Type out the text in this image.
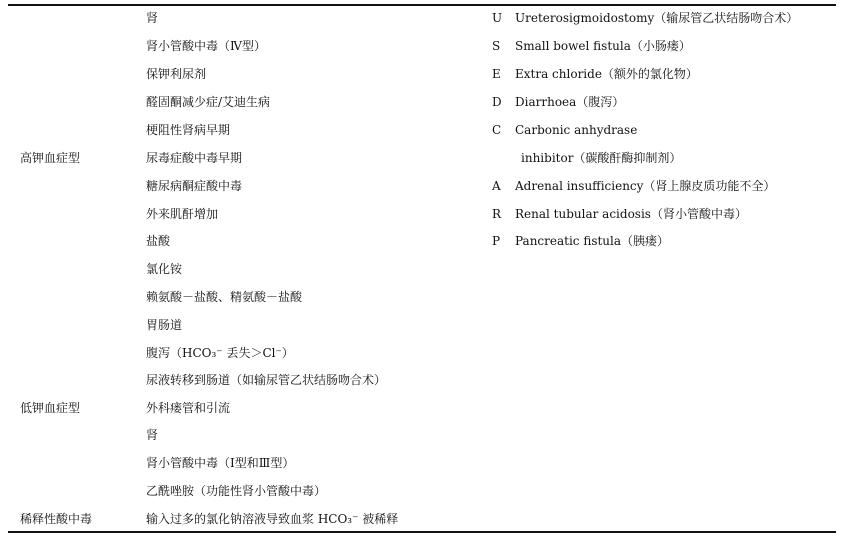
高钾血症型
低钾血症型
稀释性酸中毒
肾
肾小管酸中毒（Ⅳ型）
保钾利尿剂
醛固酮减少症/艾迪生病
梗阻性肾病早期
尿毒症酸中毒早期
糖尿病酮症酸中毒
外来肌酐增加
盐酸
氯化铵
赖氨酸－盐酸、精氨酸－盐酸
胃肠道
腹泻（HCO₃⁻ 丢失＞Cl⁻）
尿液转移到肠道（如输尿管乙状结肠吻合术）
外科瘘管和引流
肾
肾小管酸中毒（Ⅰ型和Ⅲ型）
乙酰唑胺（功能性肾小管酸中毒）
输入过多的氯化钠溶液导致血浆 HCO₃⁻ 被稀释
U Ureterosigmoidostomy（输尿管乙状结肠吻合术）
S Small bowel fistula（小肠瘘）
E Extra chloride（额外的氯化物）
D Diarrhoea（腹泻）
C Carbonic anhydrase
inhibitor（碳酸酐酶抑制剂）
A Adrenal insufficiency（肾上腺皮质功能不全）
R Renal tubular acidosis（肾小管酸中毒）
P Pancreatic fistula（胰瘘）
